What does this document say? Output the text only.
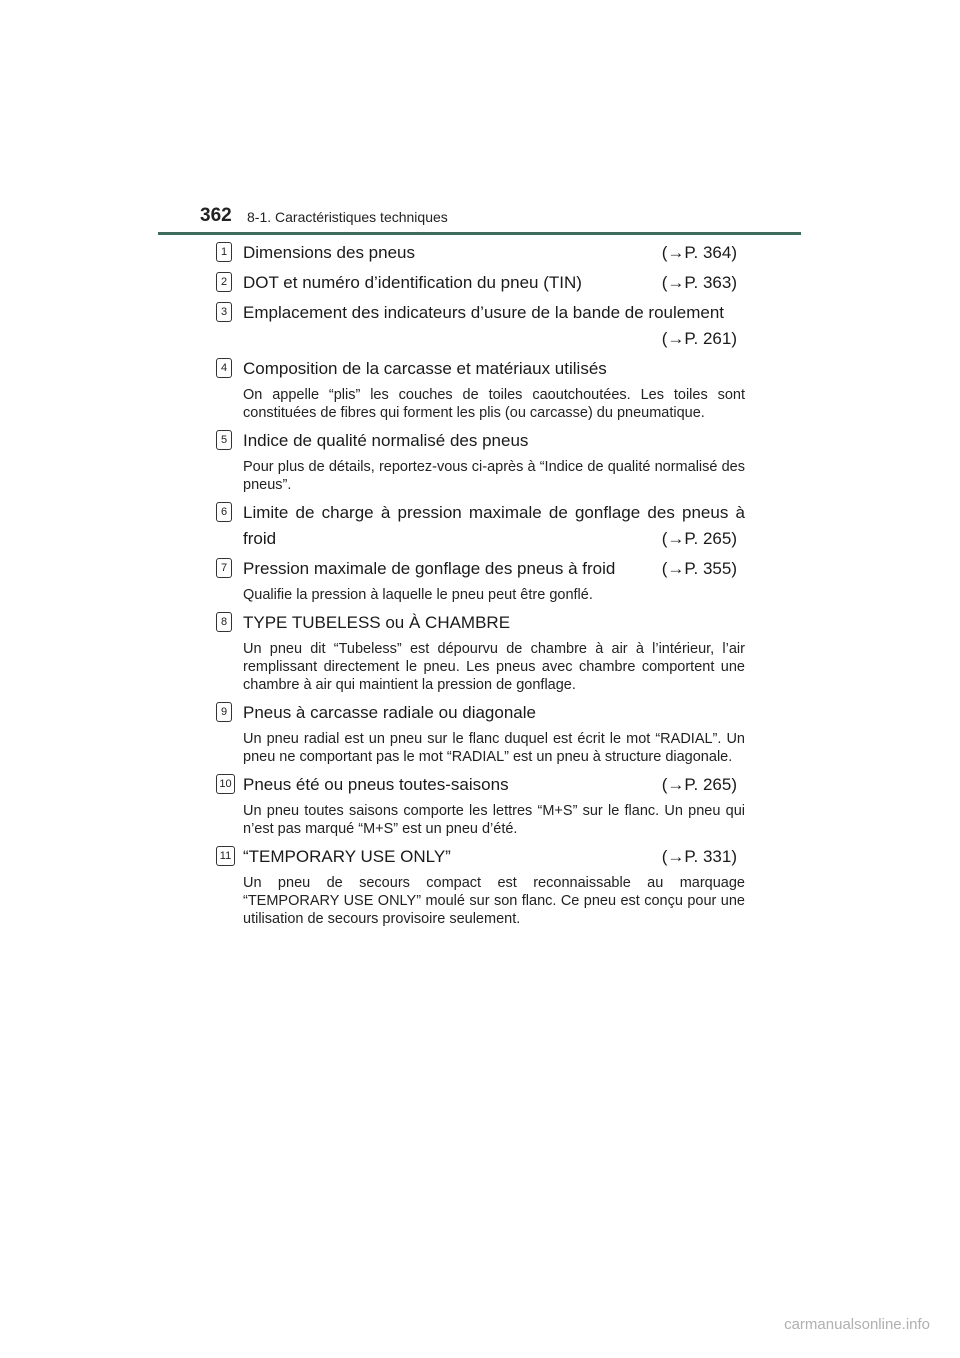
362 8-1. Caractéristiques techniques
1 Dimensions des pneus	(→P. 364)
2 DOT et numéro d’identification du pneu (TIN)	(→P. 363)
3 Emplacement des indicateurs d’usure de la bande de roulement
(→P. 261)
4 Composition de la carcasse et matériaux utilisés
On appelle “plis” les couches de toiles caoutchoutées. Les toiles sont constituées de fibres qui forment les plis (ou carcasse) du pneumatique.
5 Indice de qualité normalisé des pneus
Pour plus de détails, reportez-vous ci-après à “Indice de qualité normalisé des pneus”.
6 Limite de charge à pression maximale de gonflage des pneus à
froid	(→P. 265)
7 Pression maximale de gonflage des pneus à froid	(→P. 355)
Qualifie la pression à laquelle le pneu peut être gonflé.
8 TYPE TUBELESS ou À CHAMBRE
Un pneu dit “Tubeless” est dépourvu de chambre à air à l’intérieur, l’air remplissant directement le pneu. Les pneus avec chambre comportent une chambre à air qui maintient la pression de gonflage.
9 Pneus à carcasse radiale ou diagonale
Un pneu radial est un pneu sur le flanc duquel est écrit le mot “RADIAL”. Un pneu ne comportant pas le mot “RADIAL” est un pneu à structure diagonale.
10 Pneus été ou pneus toutes-saisons	(→P. 265)
Un pneu toutes saisons comporte les lettres “M+S” sur le flanc. Un pneu qui n’est pas marqué “M+S” est un pneu d’été.
11 “TEMPORARY USE ONLY”	(→P. 331)
Un pneu de secours compact est reconnaissable au marquage “TEMPORARY USE ONLY” moulé sur son flanc. Ce pneu est conçu pour une utilisation de secours provisoire seulement.
carmanualsonline.info
